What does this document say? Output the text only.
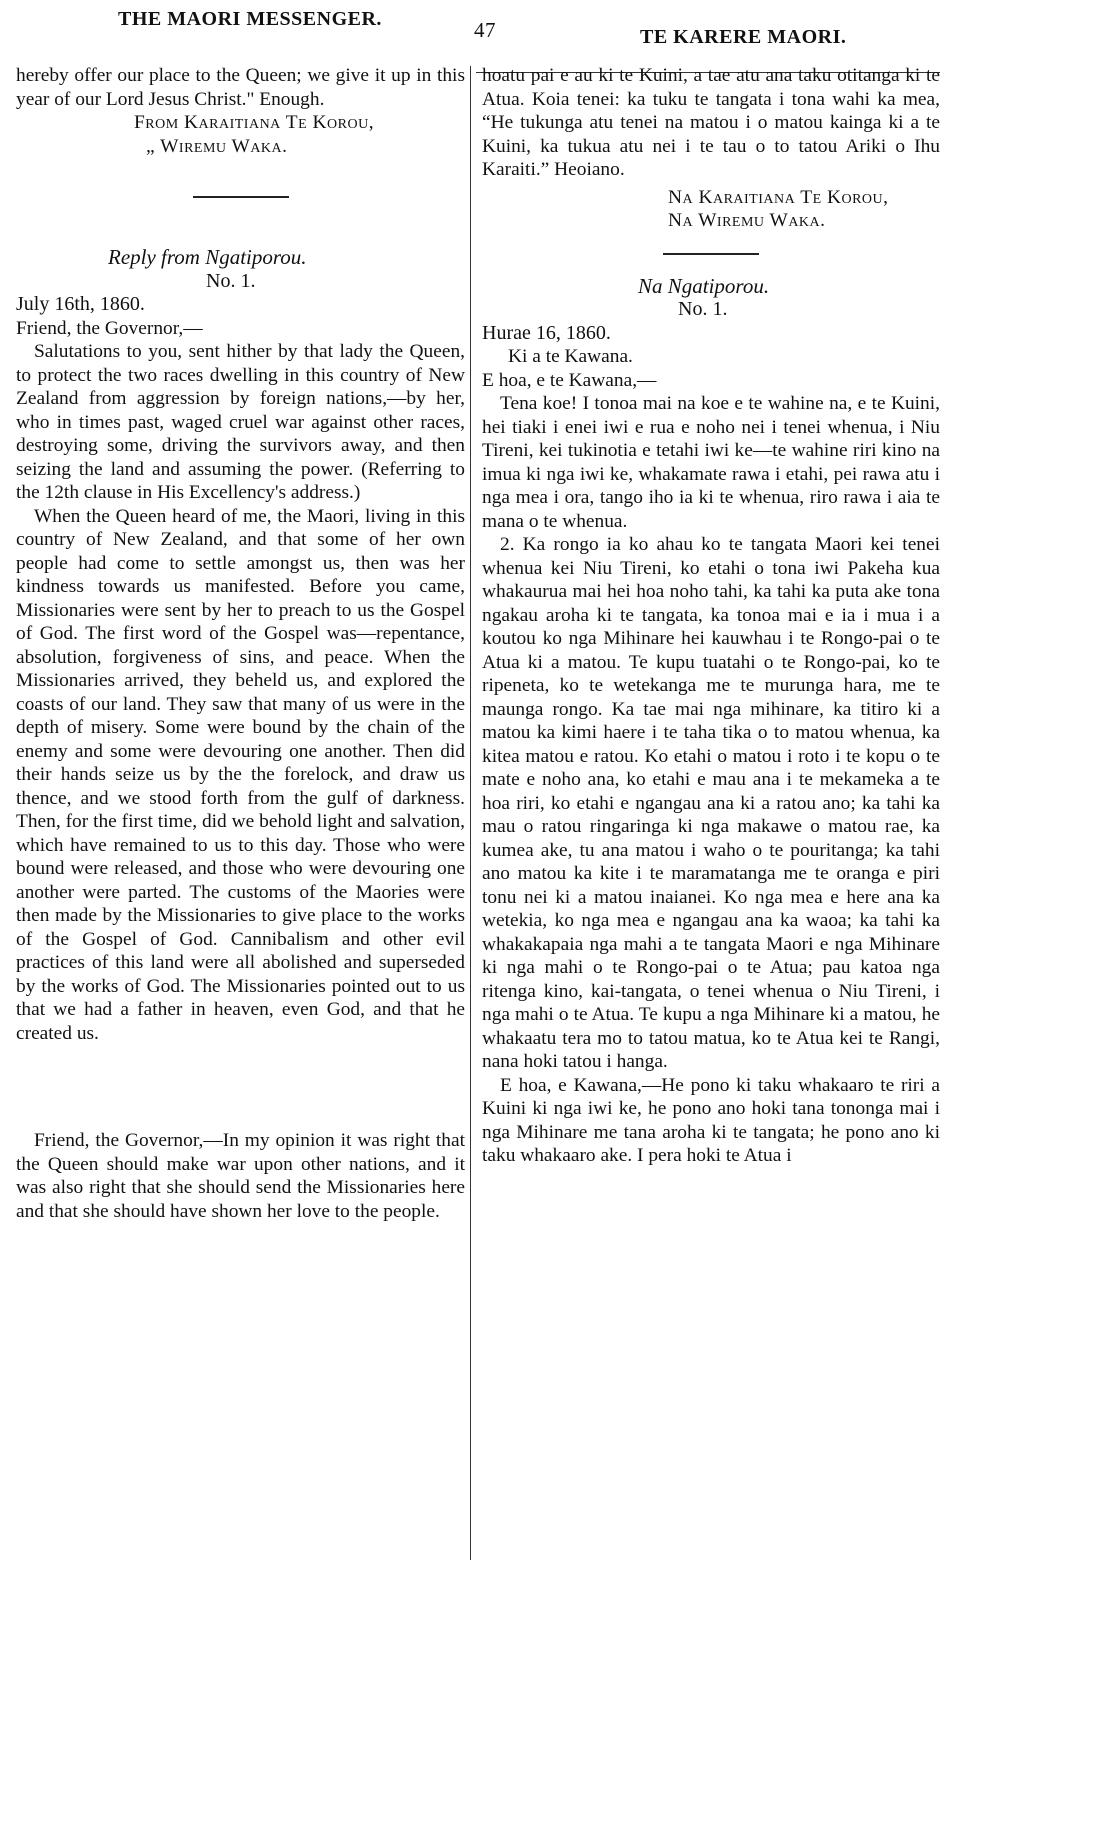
THE MAORI MESSENGER.	47	TE KARERE MAORI.

hereby offer our place to the Queen; we give it up in this year of our Lord Jesus Christ." Enough.

From Karaitiana Te Korou,

„ Wiremu Waka.

Reply from Ngatiporou.

No. 1.

July 16th, 1860.

Friend, the Governor,—

Salutations to you, sent hither by that lady the Queen, to protect the two races dwelling in this country of New Zealand from aggression by foreign nations,—by her, who in times past, waged cruel war against other races, destroying some, driving the survivors away, and then seizing the land and assuming the power. (Referring to the 12th clause in His Excellency's address.)

When the Queen heard of me, the Maori, living in this country of New Zealand, and that some of her own people had come to settle amongst us, then was her kindness towards us manifested. Before you came, Missionaries were sent by her to preach to us the Gospel of God. The first word of the Gospel was—repentance, absolution, forgiveness of sins, and peace. When the Missionaries arrived, they beheld us, and explored the coasts of our land. They saw that many of us were in the depth of misery. Some were bound by the chain of the enemy and some were devouring one another. Then did their hands seize us by the the forelock, and draw us thence, and we stood forth from the gulf of darkness. Then, for the first time, did we behold light and salvation, which have remained to us to this day. Those who were bound were released, and those who were devouring one another were parted. The customs of the Maories were then made by the Missionaries to give place to the works of the Gospel of God. Cannibalism and other evil practices of this land were all abolished and superseded by the works of God. The Missionaries pointed out to us that we had a father in heaven, even God, and that he created us.

Friend, the Governor,—In my opinion it was right that the Queen should make war upon other nations, and it was also right that she should send the Missionaries here and that she should have shown her love to the people.

hoatu pai e au ki te Kuini, a tae atu ana taku otitanga ki te Atua. Koia tenei: ka tuku te tangata i tona wahi ka mea, “He tukunga atu tenei na matou i o matou kainga ki a te Kuini, ka tukua atu nei i te tau o to tatou Ariki o Ihu Karaiti.” Heoiano.

Na Karaitiana Te Korou,

Na Wiremu Waka.

Na Ngatiporou.

No. 1.

Hurae 16, 1860.

Ki a te Kawana.

E hoa, e te Kawana,—

Tena koe! I tonoa mai na koe e te wahine na, e te Kuini, hei tiaki i enei iwi e rua e noho nei i tenei whenua, i Niu Tireni, kei tukinotia e tetahi iwi ke—te wahine riri kino na imua ki nga iwi ke, whakamate rawa i etahi, pei rawa atu i nga mea i ora, tango iho ia ki te whenua, riro rawa i aia te mana o te whenua.

2. Ka rongo ia ko ahau ko te tangata Maori kei tenei whenua kei Niu Tireni, ko etahi o tona iwi Pakeha kua whakaurua mai hei hoa noho tahi, ka tahi ka puta ake tona ngakau aroha ki te tangata, ka tonoa mai e ia i mua i a koutou ko nga Mihinare hei kauwhau i te Rongo-pai o te Atua ki a matou. Te kupu tuatahi o te Rongo-pai, ko te ripeneta, ko te wetekanga me te murunga hara, me te maunga rongo. Ka tae mai nga mihinare, ka titiro ki a matou ka kimi haere i te taha tika o to matou whenua, ka kitea matou e ratou. Ko etahi o matou i roto i te kopu o te mate e noho ana, ko etahi e mau ana i te mekameka a te hoa riri, ko etahi e ngangau ana ki a ratou ano; ka tahi ka mau o ratou ringaringa ki nga makawe o matou rae, ka kumea ake, tu ana matou i waho o te pouritanga; ka tahi ano matou ka kite i te maramatanga me te oranga e piri tonu nei ki a matou inaianei. Ko nga mea e here ana ka wetekia, ko nga mea e ngangau ana ka waoa; ka tahi ka whakakapaia nga mahi a te tangata Maori e nga Mihinare ki nga mahi o te Rongo-pai o te Atua; pau katoa nga ritenga kino, kai-tangata, o tenei whenua o Niu Tireni, i nga mahi o te Atua. Te kupu a nga Mihinare ki a matou, he whakaatu tera mo to tatou matua, ko te Atua kei te Rangi, nana hoki tatou i hanga.

E hoa, e Kawana,—He pono ki taku whakaaro te riri a Kuini ki nga iwi ke, he pono ano hoki tana tononga mai i nga Mihinare me tana aroha ki te tangata; he pono ano ki taku whakaaro ake. I pera hoki te Atua i
